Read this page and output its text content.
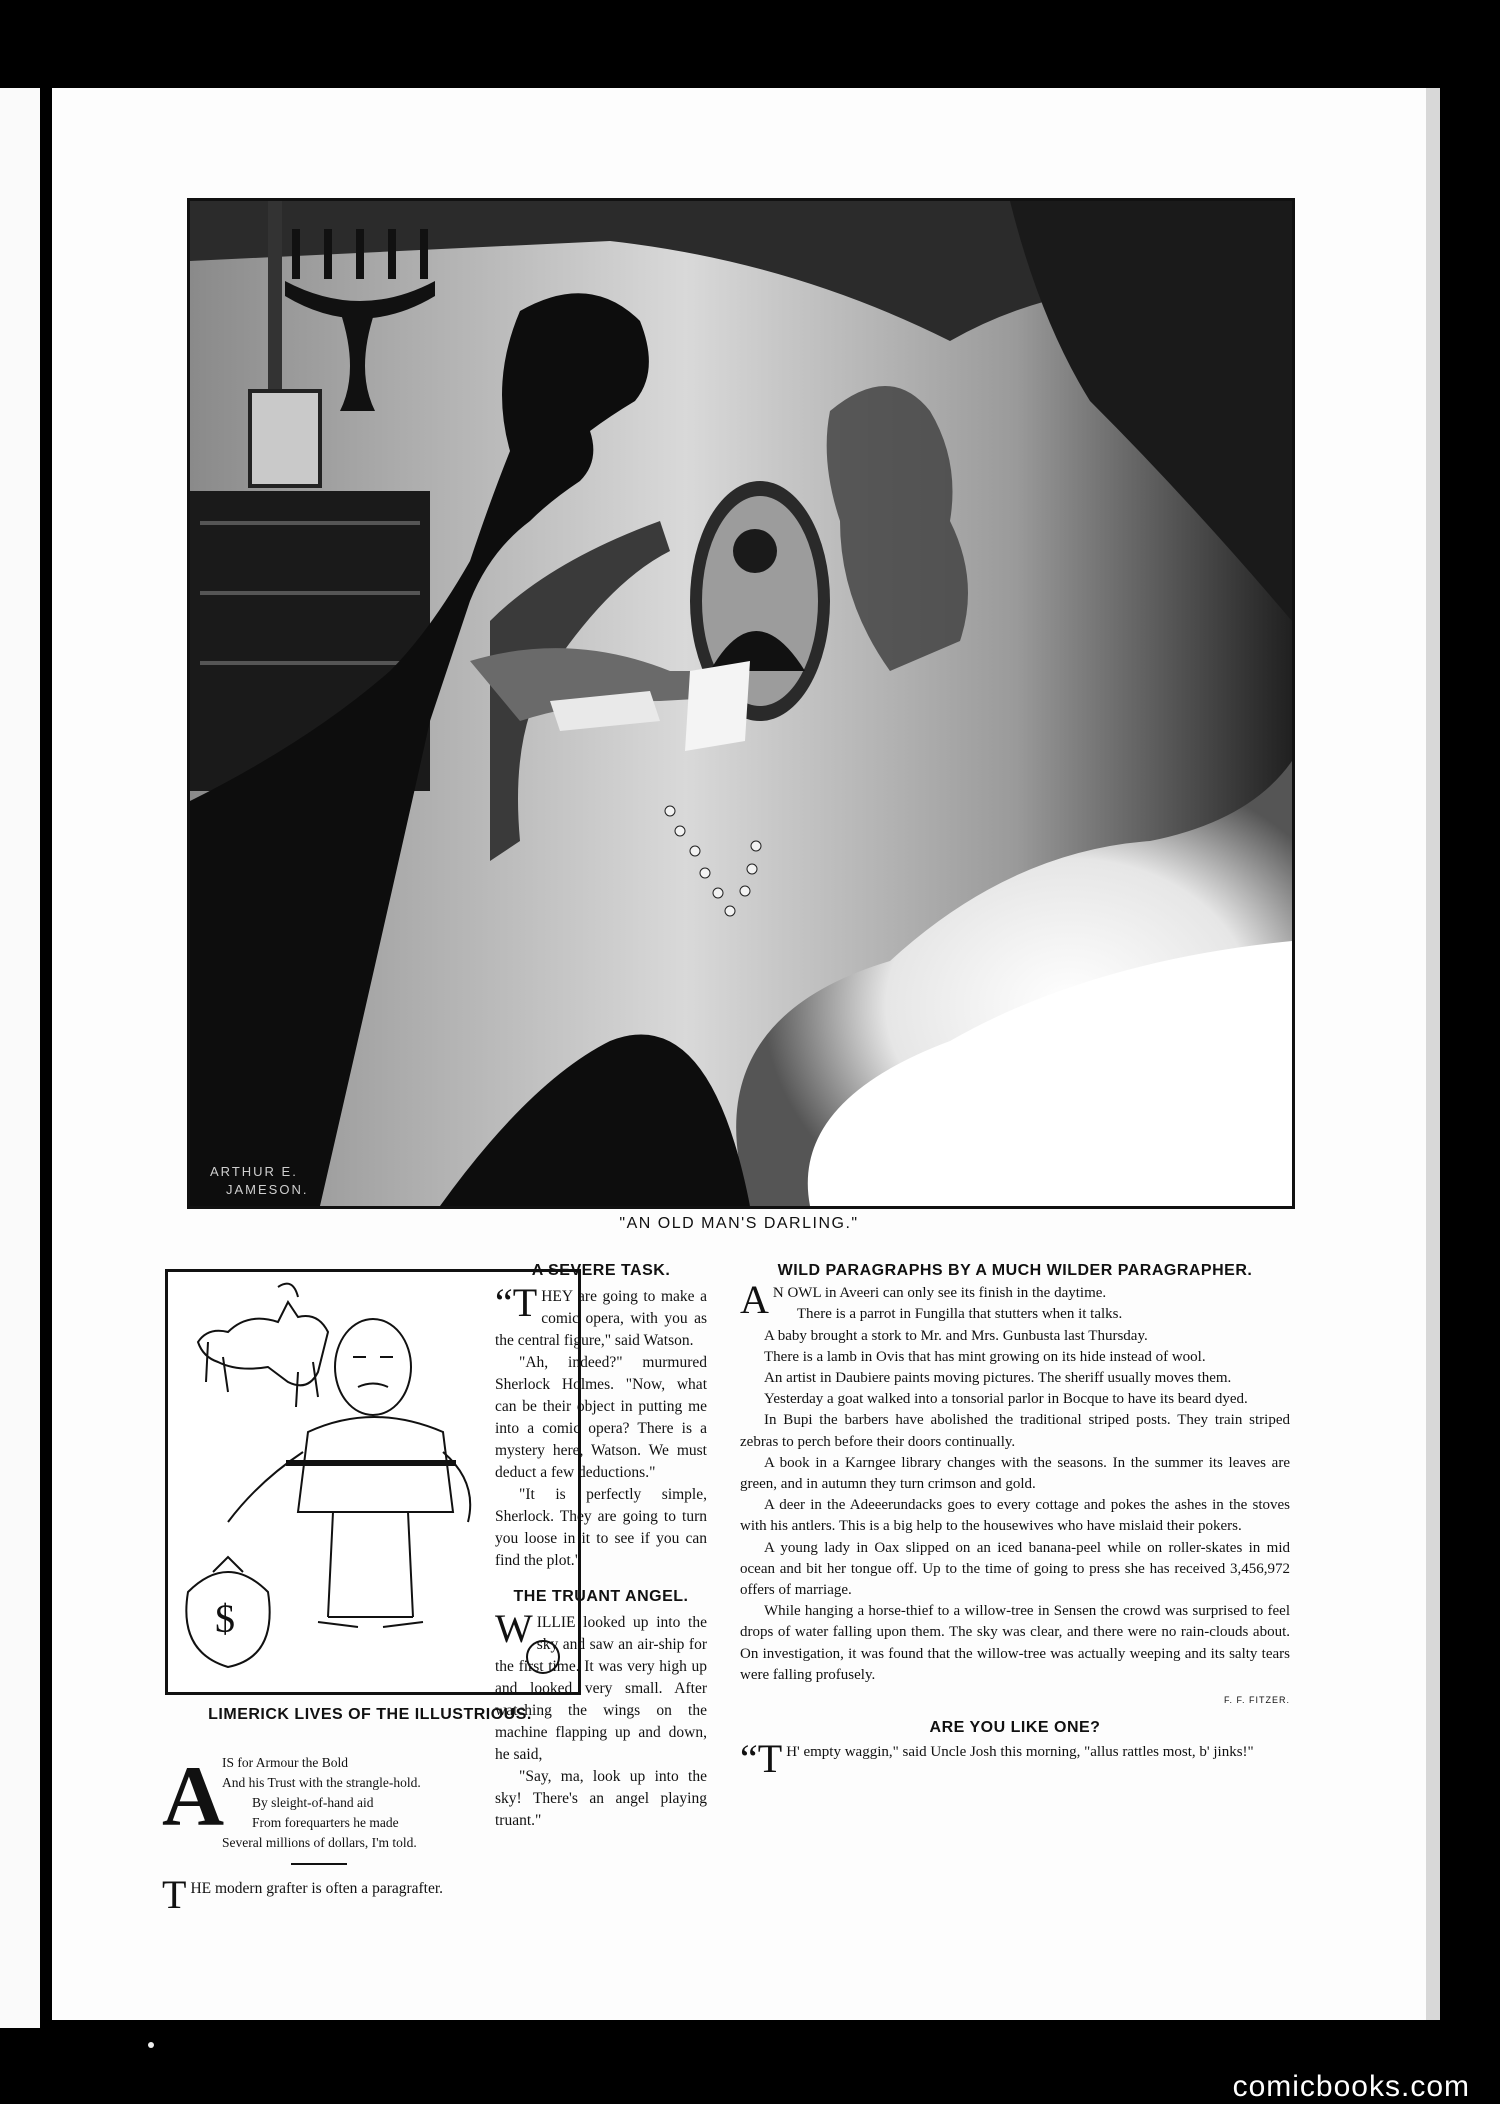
ARTHUR E.
JAMESON.
"AN OLD MAN'S DARLING."
$
LIMERICK LIVES OF THE ILLUSTRIOUS.
A
IS for Armour the Bold
And his Trust with the strangle-hold.
By sleight-of-hand aid
From forequarters he made
Several millions of dollars, I'm told.
THE modern grafter is often a paragrafter.
A SEVERE TASK.

“THEY are going to make a comic opera, with you as the central figure," said Watson.

"Ah, indeed?" murmured Sherlock Holmes. "Now, what can be their object in putting me into a comic opera? There is a mystery here, Watson. We must deduct a few deductions."

"It is perfectly simple, Sherlock. They are going to turn you loose in it to see if you can find the plot."

THE TRUANT ANGEL.

WILLIE looked up into the sky and saw an air-ship for the first time. It was very high up and looked very small. After watching the wings on the machine flapping up and down, he said,

"Say, ma, look up into the sky! There's an angel playing truant."

WILD PARAGRAPHS BY A MUCH WILDER PARAGRAPHER.

A N OWL in Aveeri can only see its finish in the daytime.

There is a parrot in Fungilla that stutters when it talks.

A baby brought a stork to Mr. and Mrs. Gunbusta last Thursday.

There is a lamb in Ovis that has mint growing on its hide instead of wool.

An artist in Daubiere paints moving pictures. The sheriff usually moves them.

Yesterday a goat walked into a tonsorial parlor in Bocque to have its beard dyed.

In Bupi the barbers have abolished the traditional striped posts. They train striped zebras to perch before their doors continually.

A book in a Karngee library changes with the seasons. In the summer its leaves are green, and in autumn they turn crimson and gold.

A deer in the Adeeerundacks goes to every cottage and pokes the ashes in the stoves with his antlers. This is a big help to the housewives who have mislaid their pokers.

A young lady in Oax slipped on an iced banana-peel while on roller-skates in mid ocean and bit her tongue off. Up to the time of going to press she has received 3,456,972 offers of marriage.

While hanging a horse-thief to a willow-tree in Sensen the crowd was surprised to feel drops of water falling upon them. The sky was clear, and there were no rain-clouds about. On investigation, it was found that the willow-tree was actually weeping and its salty tears were falling profusely.

F. F. FITZER.
ARE YOU LIKE ONE?

“T H' empty waggin," said Uncle Josh this morning, "allus rattles most, b' jinks!"

comicbooks.com
